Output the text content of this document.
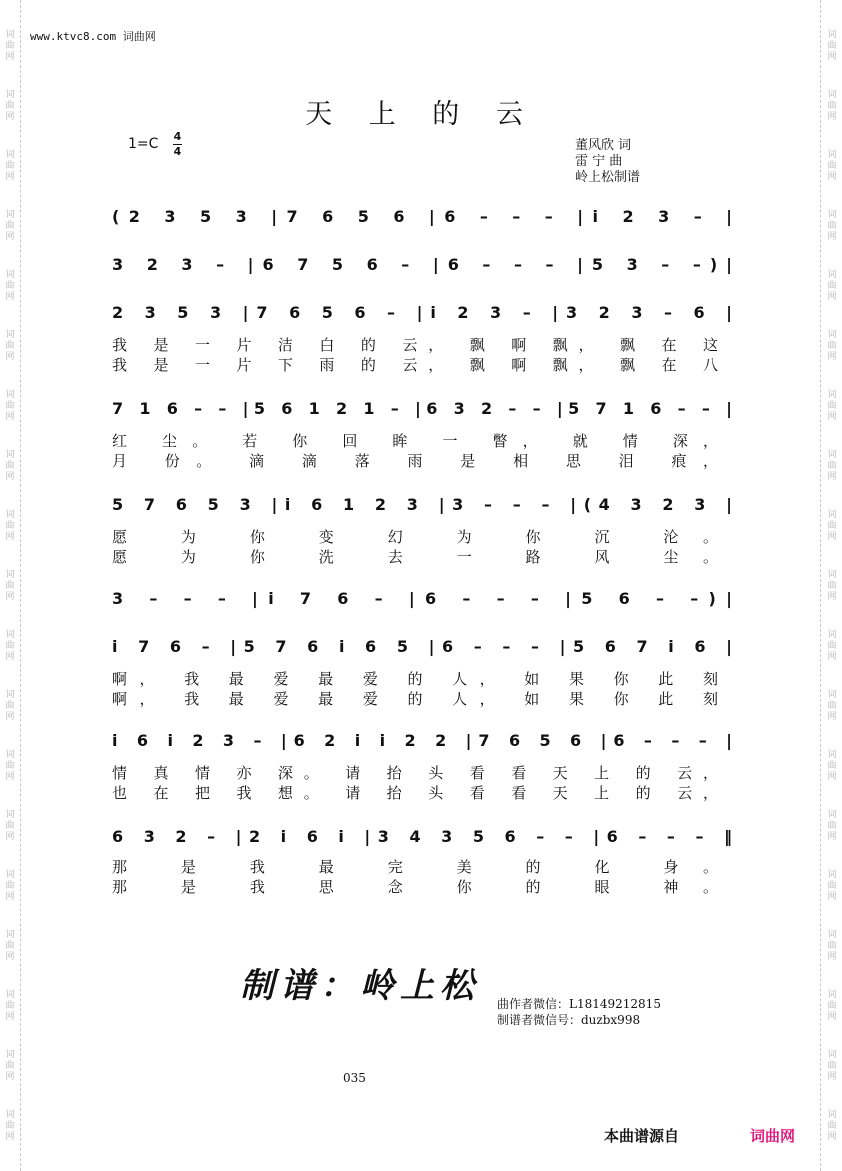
词
曲
网
词
曲
网
词
曲
网
词
曲
网
词
曲
网
词
曲
网
词
曲
网
词
曲
网
词
曲
网
词
曲
网
词
曲
网
词
曲
网
词
曲
网
词
曲
网
词
曲
网
词
曲
网
词
曲
网
词
曲
网
词
曲
网
词
曲
网
词
曲
网
词
曲
网
词
曲
网
词
曲
网
词
曲
网
词
曲
网
词
曲
网
词
曲
网
词
曲
网
词
曲
网
词
曲
网
词
曲
网
词
曲
网
词
曲
网
词
曲
网
词
曲
网
词
曲
网
词
曲
网
www.ktvc8.com 词曲网
天 上 的 云
1=C 4
4	董风欣 词
雷 宁 曲
岭上松制谱
(2 3 5 3 |7 6 5 6 |6 – – – |i 2 3 – |
3 2 3 – |6 7 5 6 – |6 – – – |5 3 – –)|
2 3 5 3 |7 6 5 6 – |i 2 3 – |3 2 3 – 6 |
我 是 一 片 洁 白 的 云， 飘 啊 飘， 飘 在 这
我 是 一 片 下 雨 的 云， 飘 啊 飘， 飘 在 八
7 1 6 – – |5 6 1 2 1 – |6 3 2 – – |5 7 1 6 – – |
红 尘。 若 你 回 眸 一 瞥， 就 情 深，
月 份。 滴 滴 落 雨 是 相 思 泪 痕，
5 7 6 5 3 |i 6 1 2 3 |3 – – – |(4 3 2 3 |
愿 为 你 变 幻 为 你 沉 沦。
愿 为 你 洗 去 一 路 风 尘。
3 – – – |i 7 6 – |6 – – – |5 6 – –)|
i 7 6 – |5 7 6 i 6 5 |6 – – – |5 6 7 i 6 |
啊， 我 最 爱 最 爱 的 人， 如 果 你 此 刻
啊， 我 最 爱 最 爱 的 人， 如 果 你 此 刻
i 6 i 2 3 – |6 2 i i 2 2 |7 6 5 6 |6 – – – |
情 真 情 亦 深。 请 抬 头 看 看 天 上 的 云，
也 在 把 我 想。 请 抬 头 看 看 天 上 的 云，
6 3 2 – |2 i 6 i |3 4 3 5 6 – – |6 – – – ‖
那 是 我 最 完 美 的 化 身。
那 是 我 思 念 你 的 眼 神。
制谱：岭上松 曲作者微信：L18149212815
制谱者微信号：duzbx998
035
本曲谱源自	词曲网
